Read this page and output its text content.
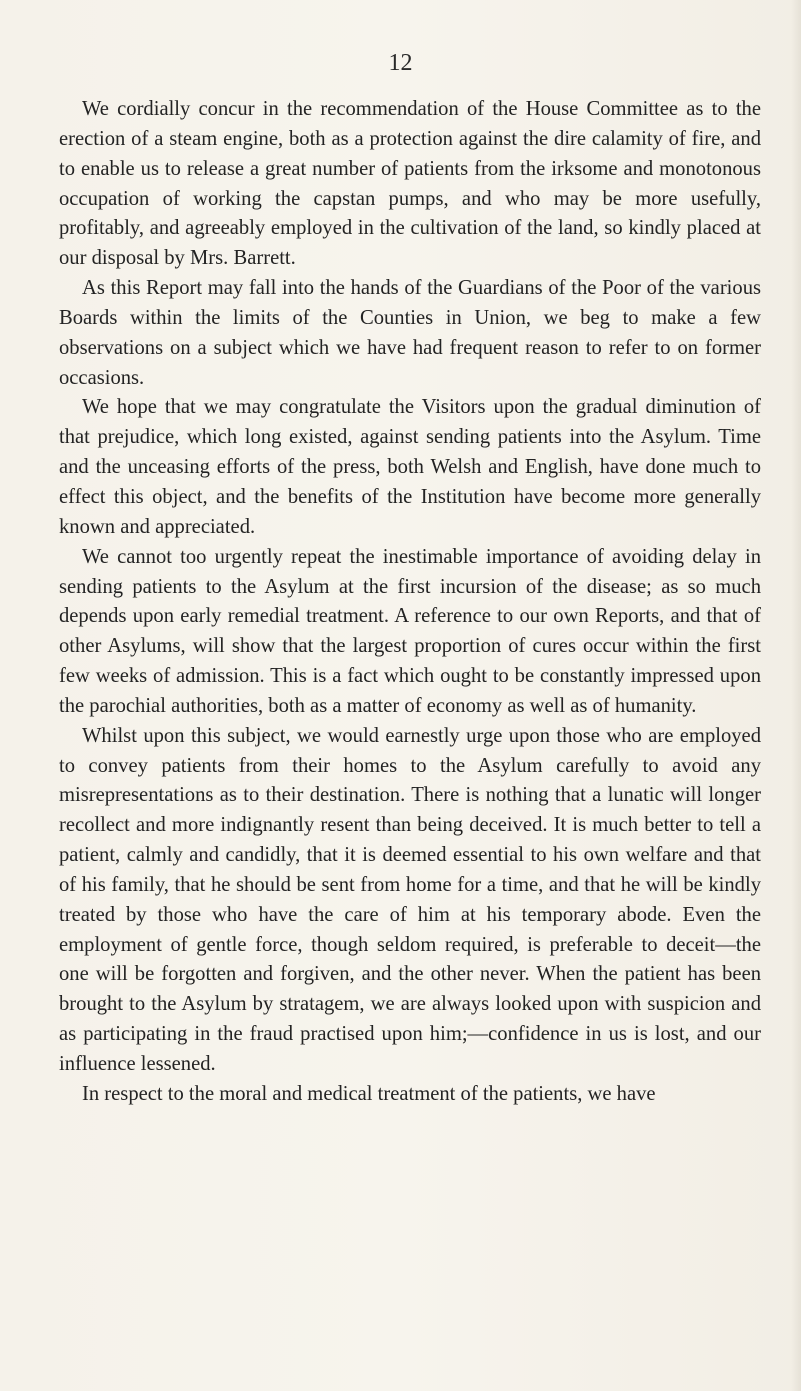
12

We cordially concur in the recommendation of the House Committee as to the erection of a steam engine, both as a protection against the dire calamity of fire, and to enable us to release a great number of patients from the irksome and monotonous occupation of working the capstan pumps, and who may be more usefully, profitably, and agreeably employed in the cultivation of the land, so kindly placed at our disposal by Mrs. Barrett.

As this Report may fall into the hands of the Guardians of the Poor of the various Boards within the limits of the Counties in Union, we beg to make a few observations on a subject which we have had frequent reason to refer to on former occasions.

We hope that we may congratulate the Visitors upon the gradual diminution of that prejudice, which long existed, against sending patients into the Asylum. Time and the unceasing efforts of the press, both Welsh and English, have done much to effect this object, and the benefits of the Institution have become more generally known and appreciated.

We cannot too urgently repeat the inestimable importance of avoiding delay in sending patients to the Asylum at the first incursion of the disease; as so much depends upon early remedial treatment. A reference to our own Reports, and that of other Asylums, will show that the largest proportion of cures occur within the first few weeks of admission. This is a fact which ought to be constantly impressed upon the parochial authorities, both as a matter of economy as well as of humanity.

Whilst upon this subject, we would earnestly urge upon those who are employed to convey patients from their homes to the Asylum carefully to avoid any misrepresentations as to their destination. There is nothing that a lunatic will longer recollect and more indignantly resent than being deceived. It is much better to tell a patient, calmly and candidly, that it is deemed essential to his own welfare and that of his family, that he should be sent from home for a time, and that he will be kindly treated by those who have the care of him at his temporary abode. Even the employment of gentle force, though seldom required, is preferable to deceit—the one will be forgotten and forgiven, and the other never. When the patient has been brought to the Asylum by stratagem, we are always looked upon with suspicion and as participating in the fraud practised upon him;—confidence in us is lost, and our influence lessened.

In respect to the moral and medical treatment of the patients, we have
